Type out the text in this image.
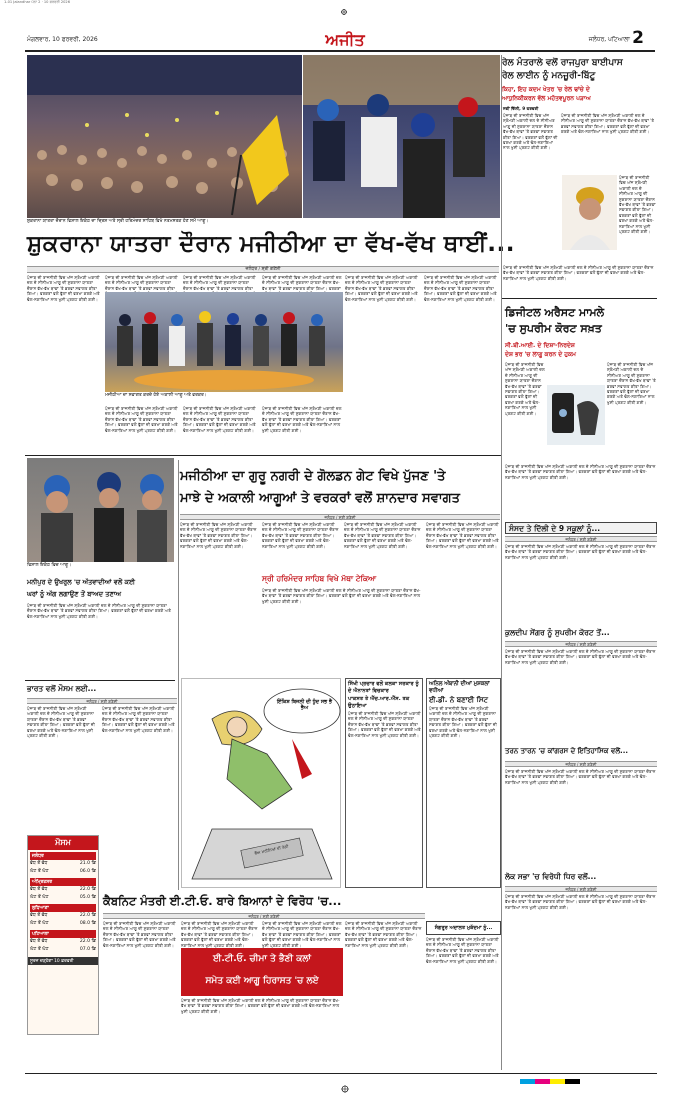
1-01 Jalandhar ਪੰਨਾ 2 · 10 ਫਰਵਰੀ 2026
ਮੰਗਲਵਾਰ, 10 ਫਰਵਰੀ, 2026	ਅਜੀਤ	ਜਲੰਧਰ, ਪਟਿਆਲਾ 2
ਰੇਲ ਮੰਤਰਾਲੇ ਵਲੋਂ ਰਾਜਪੁਰਾ ਬਾਈਪਾਸ
ਰੇਲ ਲਾਈਨ ਨੂੰ ਮਨਜ਼ੂਰੀ-ਬਿੱਟੂ
ਕਿਹਾ, ਇਹ ਕਦਮ ਖੇਤਰ 'ਚ ਰੇਲ ਢਾਂਚੇ ਦੇ
ਆਧੁਨਿਕੀਕਰਨ ਵੱਲ ਮਹੱਤਵਪੂਰਨ ਪੜਾਅ
ਨਵੀਂ ਦਿੱਲੀ, 9 ਫਰਵਰੀ
ਪੰਜਾਬ ਦੀ ਰਾਜਨੀਤੀ ਵਿਚ ਅੱਜ ਸ਼੍ਰੋਮਣੀ ਅਕਾਲੀ ਦਲ ਦੇ ਸੀਨੀਅਰ ਆਗੂ ਦੀ ਸ਼ੁਕਰਾਨਾ ਯਾਤਰਾ ਦੌਰਾਨ ਵੱਖ-ਵੱਖ ਥਾਵਾਂ 'ਤੇ ਭਰਵਾਂ ਸਵਾਗਤ ਕੀਤਾ ਗਿਆ। ਵਰਕਰਾਂ ਵਲੋਂ ਫੁੱਲਾਂ ਦੀ ਵਰਖਾ ਕਰਕੇ ਅਤੇ ਢੋਲ-ਨਗਾਰਿਆਂ ਨਾਲ ਖੁਸ਼ੀ ਪ੍ਰਗਟ ਕੀਤੀ ਗਈ।
ਪੰਜਾਬ ਦੀ ਰਾਜਨੀਤੀ ਵਿਚ ਅੱਜ ਸ਼੍ਰੋਮਣੀ ਅਕਾਲੀ ਦਲ ਦੇ ਸੀਨੀਅਰ ਆਗੂ ਦੀ ਸ਼ੁਕਰਾਨਾ ਯਾਤਰਾ ਦੌਰਾਨ ਵੱਖ-ਵੱਖ ਥਾਵਾਂ 'ਤੇ ਭਰਵਾਂ ਸਵਾਗਤ ਕੀਤਾ ਗਿਆ। ਵਰਕਰਾਂ ਵਲੋਂ ਫੁੱਲਾਂ ਦੀ ਵਰਖਾ ਕਰਕੇ ਅਤੇ ਢੋਲ-ਨਗਾਰਿਆਂ ਨਾਲ ਖੁਸ਼ੀ ਪ੍ਰਗਟ ਕੀਤੀ ਗਈ।
ਪੰਜਾਬ ਦੀ ਰਾਜਨੀਤੀ ਵਿਚ ਅੱਜ ਸ਼੍ਰੋਮਣੀ ਅਕਾਲੀ ਦਲ ਦੇ ਸੀਨੀਅਰ ਆਗੂ ਦੀ ਸ਼ੁਕਰਾਨਾ ਯਾਤਰਾ ਦੌਰਾਨ ਵੱਖ-ਵੱਖ ਥਾਵਾਂ 'ਤੇ ਭਰਵਾਂ ਸਵਾਗਤ ਕੀਤਾ ਗਿਆ। ਵਰਕਰਾਂ ਵਲੋਂ ਫੁੱਲਾਂ ਦੀ ਵਰਖਾ ਕਰਕੇ ਅਤੇ ਢੋਲ-ਨਗਾਰਿਆਂ ਨਾਲ ਖੁਸ਼ੀ ਪ੍ਰਗਟ ਕੀਤੀ ਗਈ।
ਪੰਜਾਬ ਦੀ ਰਾਜਨੀਤੀ ਵਿਚ ਅੱਜ ਸ਼੍ਰੋਮਣੀ ਅਕਾਲੀ ਦਲ ਦੇ ਸੀਨੀਅਰ ਆਗੂ ਦੀ ਸ਼ੁਕਰਾਨਾ ਯਾਤਰਾ ਦੌਰਾਨ ਵੱਖ-ਵੱਖ ਥਾਵਾਂ 'ਤੇ ਭਰਵਾਂ ਸਵਾਗਤ ਕੀਤਾ ਗਿਆ। ਵਰਕਰਾਂ ਵਲੋਂ ਫੁੱਲਾਂ ਦੀ ਵਰਖਾ ਕਰਕੇ ਅਤੇ ਢੋਲ-ਨਗਾਰਿਆਂ ਨਾਲ ਖੁਸ਼ੀ ਪ੍ਰਗਟ ਕੀਤੀ ਗਈ।
ਸ਼ੁਕਰਾਨਾ ਯਾਤਰਾ ਦੌਰਾਨ ਵਿਸ਼ਾਲ ਇਕੱਠ ਦਾ ਦ੍ਰਿਸ਼ ਅਤੇ ਸ੍ਰੀ ਹਰਿਮੰਦਰ ਸਾਹਿਬ ਵਿਖੇ ਨਤਮਸਤਕ ਹੋਣ ਸਮੇਂ ਆਗੂ।
ਸ਼ੁਕਰਾਨਾ ਯਾਤਰਾ ਦੌਰਾਨ ਮਜੀਠੀਆ ਦਾ ਵੱਖ-ਵੱਖ ਥਾਈਂ...
ਜਲੰਧਰ / ਸ਼੍ਰੀ ਗਣੇਸ਼ੀ
ਪੰਜਾਬ ਦੀ ਰਾਜਨੀਤੀ ਵਿਚ ਅੱਜ ਸ਼੍ਰੋਮਣੀ ਅਕਾਲੀ ਦਲ ਦੇ ਸੀਨੀਅਰ ਆਗੂ ਦੀ ਸ਼ੁਕਰਾਨਾ ਯਾਤਰਾ ਦੌਰਾਨ ਵੱਖ-ਵੱਖ ਥਾਵਾਂ 'ਤੇ ਭਰਵਾਂ ਸਵਾਗਤ ਕੀਤਾ ਗਿਆ। ਵਰਕਰਾਂ ਵਲੋਂ ਫੁੱਲਾਂ ਦੀ ਵਰਖਾ ਕਰਕੇ ਅਤੇ ਢੋਲ-ਨਗਾਰਿਆਂ ਨਾਲ ਖੁਸ਼ੀ ਪ੍ਰਗਟ ਕੀਤੀ ਗਈ।
ਪੰਜਾਬ ਦੀ ਰਾਜਨੀਤੀ ਵਿਚ ਅੱਜ ਸ਼੍ਰੋਮਣੀ ਅਕਾਲੀ ਦਲ ਦੇ ਸੀਨੀਅਰ ਆਗੂ ਦੀ ਸ਼ੁਕਰਾਨਾ ਯਾਤਰਾ ਦੌਰਾਨ ਵੱਖ-ਵੱਖ ਥਾਵਾਂ 'ਤੇ ਭਰਵਾਂ ਸਵਾਗਤ ਕੀਤਾ
ਪੰਜਾਬ ਦੀ ਰਾਜਨੀਤੀ ਵਿਚ ਅੱਜ ਸ਼੍ਰੋਮਣੀ ਅਕਾਲੀ ਦਲ ਦੇ ਸੀਨੀਅਰ ਆਗੂ ਦੀ ਸ਼ੁਕਰਾਨਾ ਯਾਤਰਾ ਦੌਰਾਨ ਵੱਖ-ਵੱਖ ਥਾਵਾਂ 'ਤੇ ਭਰਵਾਂ ਸਵਾਗਤ ਕੀਤਾ
ਪੰਜਾਬ ਦੀ ਰਾਜਨੀਤੀ ਵਿਚ ਅੱਜ ਸ਼੍ਰੋਮਣੀ ਅਕਾਲੀ ਦਲ ਦੇ ਸੀਨੀਅਰ ਆਗੂ ਦੀ ਸ਼ੁਕਰਾਨਾ ਯਾਤਰਾ ਦੌਰਾਨ ਵੱਖ-ਵੱਖ ਥਾਵਾਂ 'ਤੇ ਭਰਵਾਂ ਸਵਾਗਤ ਕੀਤਾ ਗਿਆ। ਵਰਕਰਾਂ
ਪੰਜਾਬ ਦੀ ਰਾਜਨੀਤੀ ਵਿਚ ਅੱਜ ਸ਼੍ਰੋਮਣੀ ਅਕਾਲੀ ਦਲ ਦੇ ਸੀਨੀਅਰ ਆਗੂ ਦੀ ਸ਼ੁਕਰਾਨਾ ਯਾਤਰਾ ਦੌਰਾਨ ਵੱਖ-ਵੱਖ ਥਾਵਾਂ 'ਤੇ ਭਰਵਾਂ ਸਵਾਗਤ ਕੀਤਾ ਗਿਆ। ਵਰਕਰਾਂ ਵਲੋਂ ਫੁੱਲਾਂ ਦੀ ਵਰਖਾ ਕਰਕੇ ਅਤੇ ਢੋਲ-ਨਗਾਰਿਆਂ ਨਾਲ ਖੁਸ਼ੀ ਪ੍ਰਗਟ ਕੀਤੀ ਗਈ।
ਪੰਜਾਬ ਦੀ ਰਾਜਨੀਤੀ ਵਿਚ ਅੱਜ ਸ਼੍ਰੋਮਣੀ ਅਕਾਲੀ ਦਲ ਦੇ ਸੀਨੀਅਰ ਆਗੂ ਦੀ ਸ਼ੁਕਰਾਨਾ ਯਾਤਰਾ ਦੌਰਾਨ ਵੱਖ-ਵੱਖ ਥਾਵਾਂ 'ਤੇ ਭਰਵਾਂ ਸਵਾਗਤ ਕੀਤਾ ਗਿਆ। ਵਰਕਰਾਂ ਵਲੋਂ ਫੁੱਲਾਂ ਦੀ ਵਰਖਾ ਕਰਕੇ ਅਤੇ ਢੋਲ-ਨਗਾਰਿਆਂ ਨਾਲ ਖੁਸ਼ੀ ਪ੍ਰਗਟ ਕੀਤੀ ਗਈ।
ਮਜੀਠੀਆ ਦਾ ਸਵਾਗਤ ਕਰਦੇ ਹੋਏ ਅਕਾਲੀ ਆਗੂ ਅਤੇ ਵਰਕਰ।
ਪੰਜਾਬ ਦੀ ਰਾਜਨੀਤੀ ਵਿਚ ਅੱਜ ਸ਼੍ਰੋਮਣੀ ਅਕਾਲੀ ਦਲ ਦੇ ਸੀਨੀਅਰ ਆਗੂ ਦੀ ਸ਼ੁਕਰਾਨਾ ਯਾਤਰਾ ਦੌਰਾਨ ਵੱਖ-ਵੱਖ ਥਾਵਾਂ 'ਤੇ ਭਰਵਾਂ ਸਵਾਗਤ ਕੀਤਾ ਗਿਆ। ਵਰਕਰਾਂ ਵਲੋਂ ਫੁੱਲਾਂ ਦੀ ਵਰਖਾ ਕਰਕੇ ਅਤੇ ਢੋਲ-ਨਗਾਰਿਆਂ ਨਾਲ ਖੁਸ਼ੀ ਪ੍ਰਗਟ ਕੀਤੀ ਗਈ।
ਪੰਜਾਬ ਦੀ ਰਾਜਨੀਤੀ ਵਿਚ ਅੱਜ ਸ਼੍ਰੋਮਣੀ ਅਕਾਲੀ ਦਲ ਦੇ ਸੀਨੀਅਰ ਆਗੂ ਦੀ ਸ਼ੁਕਰਾਨਾ ਯਾਤਰਾ ਦੌਰਾਨ ਵੱਖ-ਵੱਖ ਥਾਵਾਂ 'ਤੇ ਭਰਵਾਂ ਸਵਾਗਤ ਕੀਤਾ ਗਿਆ। ਵਰਕਰਾਂ ਵਲੋਂ ਫੁੱਲਾਂ ਦੀ ਵਰਖਾ ਕਰਕੇ ਅਤੇ ਢੋਲ-ਨਗਾਰਿਆਂ ਨਾਲ ਖੁਸ਼ੀ ਪ੍ਰਗਟ ਕੀਤੀ ਗਈ।
ਪੰਜਾਬ ਦੀ ਰਾਜਨੀਤੀ ਵਿਚ ਅੱਜ ਸ਼੍ਰੋਮਣੀ ਅਕਾਲੀ ਦਲ ਦੇ ਸੀਨੀਅਰ ਆਗੂ ਦੀ ਸ਼ੁਕਰਾਨਾ ਯਾਤਰਾ ਦੌਰਾਨ ਵੱਖ-ਵੱਖ ਥਾਵਾਂ 'ਤੇ ਭਰਵਾਂ ਸਵਾਗਤ ਕੀਤਾ ਗਿਆ। ਵਰਕਰਾਂ ਵਲੋਂ ਫੁੱਲਾਂ ਦੀ ਵਰਖਾ ਕਰਕੇ ਅਤੇ ਢੋਲ-ਨਗਾਰਿਆਂ ਨਾਲ ਖੁਸ਼ੀ ਪ੍ਰਗਟ ਕੀਤੀ ਗਈ।
ਵਿਸ਼ਾਲ ਇਕੱਠ ਵਿਚ ਆਗੂ।
ਮਜੀਠੀਆ ਦਾ ਗੁਰੂ ਨਗਰੀ ਦੇ ਗੋਲਡਨ ਗੇਟ ਵਿਖੇ ਪੁੱਜਣ 'ਤੇ
ਮਾਝੇ ਦੇ ਅਕਾਲੀ ਆਗੂਆਂ ਤੇ ਵਰਕਰਾਂ ਵਲੋਂ ਸ਼ਾਨਦਾਰ ਸਵਾਗਤ
ਜਲੰਧਰ / ਸ਼੍ਰੀ ਗਣੇਸ਼ੀ
ਪੰਜਾਬ ਦੀ ਰਾਜਨੀਤੀ ਵਿਚ ਅੱਜ ਸ਼੍ਰੋਮਣੀ ਅਕਾਲੀ ਦਲ ਦੇ ਸੀਨੀਅਰ ਆਗੂ ਦੀ ਸ਼ੁਕਰਾਨਾ ਯਾਤਰਾ ਦੌਰਾਨ ਵੱਖ-ਵੱਖ ਥਾਵਾਂ 'ਤੇ ਭਰਵਾਂ ਸਵਾਗਤ ਕੀਤਾ ਗਿਆ। ਵਰਕਰਾਂ ਵਲੋਂ ਫੁੱਲਾਂ ਦੀ ਵਰਖਾ ਕਰਕੇ ਅਤੇ ਢੋਲ-ਨਗਾਰਿਆਂ ਨਾਲ ਖੁਸ਼ੀ ਪ੍ਰਗਟ ਕੀਤੀ ਗਈ।
ਪੰਜਾਬ ਦੀ ਰਾਜਨੀਤੀ ਵਿਚ ਅੱਜ ਸ਼੍ਰੋਮਣੀ ਅਕਾਲੀ ਦਲ ਦੇ ਸੀਨੀਅਰ ਆਗੂ ਦੀ ਸ਼ੁਕਰਾਨਾ ਯਾਤਰਾ ਦੌਰਾਨ ਵੱਖ-ਵੱਖ ਥਾਵਾਂ 'ਤੇ ਭਰਵਾਂ ਸਵਾਗਤ ਕੀਤਾ ਗਿਆ। ਵਰਕਰਾਂ ਵਲੋਂ ਫੁੱਲਾਂ ਦੀ ਵਰਖਾ ਕਰਕੇ ਅਤੇ ਢੋਲ-ਨਗਾਰਿਆਂ ਨਾਲ ਖੁਸ਼ੀ ਪ੍ਰਗਟ ਕੀਤੀ ਗਈ।
ਪੰਜਾਬ ਦੀ ਰਾਜਨੀਤੀ ਵਿਚ ਅੱਜ ਸ਼੍ਰੋਮਣੀ ਅਕਾਲੀ ਦਲ ਦੇ ਸੀਨੀਅਰ ਆਗੂ ਦੀ ਸ਼ੁਕਰਾਨਾ ਯਾਤਰਾ ਦੌਰਾਨ ਵੱਖ-ਵੱਖ ਥਾਵਾਂ 'ਤੇ ਭਰਵਾਂ ਸਵਾਗਤ ਕੀਤਾ ਗਿਆ। ਵਰਕਰਾਂ ਵਲੋਂ ਫੁੱਲਾਂ ਦੀ ਵਰਖਾ ਕਰਕੇ ਅਤੇ ਢੋਲ-ਨਗਾਰਿਆਂ ਨਾਲ ਖੁਸ਼ੀ ਪ੍ਰਗਟ ਕੀਤੀ ਗਈ।
ਪੰਜਾਬ ਦੀ ਰਾਜਨੀਤੀ ਵਿਚ ਅੱਜ ਸ਼੍ਰੋਮਣੀ ਅਕਾਲੀ ਦਲ ਦੇ ਸੀਨੀਅਰ ਆਗੂ ਦੀ ਸ਼ੁਕਰਾਨਾ ਯਾਤਰਾ ਦੌਰਾਨ ਵੱਖ-ਵੱਖ ਥਾਵਾਂ 'ਤੇ ਭਰਵਾਂ ਸਵਾਗਤ ਕੀਤਾ ਗਿਆ। ਵਰਕਰਾਂ ਵਲੋਂ ਫੁੱਲਾਂ ਦੀ ਵਰਖਾ ਕਰਕੇ ਅਤੇ ਢੋਲ-ਨਗਾਰਿਆਂ ਨਾਲ ਖੁਸ਼ੀ ਪ੍ਰਗਟ ਕੀਤੀ ਗਈ।
ਸ੍ਰੀ ਹਰਿਮੰਦਰ ਸਾਹਿਬ ਵਿਖੇ ਮੱਥਾ ਟੇਕਿਆ
ਪੰਜਾਬ ਦੀ ਰਾਜਨੀਤੀ ਵਿਚ ਅੱਜ ਸ਼੍ਰੋਮਣੀ ਅਕਾਲੀ ਦਲ ਦੇ ਸੀਨੀਅਰ ਆਗੂ ਦੀ ਸ਼ੁਕਰਾਨਾ ਯਾਤਰਾ ਦੌਰਾਨ ਵੱਖ-ਵੱਖ ਥਾਵਾਂ 'ਤੇ ਭਰਵਾਂ ਸਵਾਗਤ ਕੀਤਾ ਗਿਆ। ਵਰਕਰਾਂ ਵਲੋਂ ਫੁੱਲਾਂ ਦੀ ਵਰਖਾ ਕਰਕੇ ਅਤੇ ਢੋਲ-ਨਗਾਰਿਆਂ ਨਾਲ ਖੁਸ਼ੀ ਪ੍ਰਗਟ ਕੀਤੀ ਗਈ।
ਮਨੀਪੁਰ ਦੇ ਉਖਰੁਲ 'ਚ ਅੱਤਵਾਦੀਆਂ ਵਲੋਂ ਕਈ
ਘਰਾਂ ਨੂੰ ਅੱਗ ਲਗਾਉਣ ਤੋਂ ਬਾਅਦ ਤਣਾਅ
ਪੰਜਾਬ ਦੀ ਰਾਜਨੀਤੀ ਵਿਚ ਅੱਜ ਸ਼੍ਰੋਮਣੀ ਅਕਾਲੀ ਦਲ ਦੇ ਸੀਨੀਅਰ ਆਗੂ ਦੀ ਸ਼ੁਕਰਾਨਾ ਯਾਤਰਾ ਦੌਰਾਨ ਵੱਖ-ਵੱਖ ਥਾਵਾਂ 'ਤੇ ਭਰਵਾਂ ਸਵਾਗਤ ਕੀਤਾ ਗਿਆ। ਵਰਕਰਾਂ ਵਲੋਂ ਫੁੱਲਾਂ ਦੀ ਵਰਖਾ ਕਰਕੇ ਅਤੇ ਢੋਲ-ਨਗਾਰਿਆਂ ਨਾਲ ਖੁਸ਼ੀ ਪ੍ਰਗਟ ਕੀਤੀ ਗਈ।
ਭਾਰਤ ਵਲੋਂ ਮੌਸਮ ਲਈ...
ਜਲੰਧਰ / ਸ਼੍ਰੀ ਗਣੇਸ਼ੀ
ਪੰਜਾਬ ਦੀ ਰਾਜਨੀਤੀ ਵਿਚ ਅੱਜ ਸ਼੍ਰੋਮਣੀ ਅਕਾਲੀ ਦਲ ਦੇ ਸੀਨੀਅਰ ਆਗੂ ਦੀ ਸ਼ੁਕਰਾਨਾ ਯਾਤਰਾ ਦੌਰਾਨ ਵੱਖ-ਵੱਖ ਥਾਵਾਂ 'ਤੇ ਭਰਵਾਂ ਸਵਾਗਤ ਕੀਤਾ ਗਿਆ। ਵਰਕਰਾਂ ਵਲੋਂ ਫੁੱਲਾਂ ਦੀ ਵਰਖਾ ਕਰਕੇ ਅਤੇ ਢੋਲ-ਨਗਾਰਿਆਂ ਨਾਲ ਖੁਸ਼ੀ ਪ੍ਰਗਟ ਕੀਤੀ ਗਈ।
ਪੰਜਾਬ ਦੀ ਰਾਜਨੀਤੀ ਵਿਚ ਅੱਜ ਸ਼੍ਰੋਮਣੀ ਅਕਾਲੀ ਦਲ ਦੇ ਸੀਨੀਅਰ ਆਗੂ ਦੀ ਸ਼ੁਕਰਾਨਾ ਯਾਤਰਾ ਦੌਰਾਨ ਵੱਖ-ਵੱਖ ਥਾਵਾਂ 'ਤੇ ਭਰਵਾਂ ਸਵਾਗਤ ਕੀਤਾ ਗਿਆ। ਵਰਕਰਾਂ ਵਲੋਂ ਫੁੱਲਾਂ ਦੀ ਵਰਖਾ ਕਰਕੇ ਅਤੇ ਢੋਲ-ਨਗਾਰਿਆਂ ਨਾਲ ਖੁਸ਼ੀ ਪ੍ਰਗਟ ਕੀਤੀ ਗਈ।
ਮੌਸਮ
ਜਲੰਧਰ
ਵੱਧ ਤੋਂ ਵੱਧ	21.0 ਡਿ
ਘੱਟ ਤੋਂ ਘੱਟ	06.0 ਡਿ
ਅੰਮ੍ਰਿਤਸਰ
ਵੱਧ ਤੋਂ ਵੱਧ	22.0 ਡਿ
ਘੱਟ ਤੋਂ ਘੱਟ	05.0 ਡਿ
ਲੁਧਿਆਣਾ
ਵੱਧ ਤੋਂ ਵੱਧ	22.0 ਡਿ
ਘੱਟ ਤੋਂ ਘੱਟ	08.0 ਡਿ
ਪਟਿਆਲਾ
ਵੱਧ ਤੋਂ ਵੱਧ	22.0 ਡਿ
ਘੱਟ ਤੋਂ ਘੱਟ	07.0 ਡਿ
ਸੂਰਜ ਚੜ੍ਹੇਗਾ 10 ਫ਼ਰਵਰੀ
ਇੱਕਿਸ਼ ਬਿਜਲੀ ਦੀ ਧੂੰਦ ਸਭ ਭੈ ਭੈਅ
ਭੈਅ ਮਹੀਨਿਆਂ ਦੀ ਤੰਗੀ
ਸਿੱਖੀ ਪ੍ਰਚਾਰ ਵਲੋਂ ਕਲਕਾ ਸਰਕਾਰ ਨੂੰ ਦੇ ਐਨਾਨਤਾਂ ਵਿਚਕਾਰ
ਪਾਕਸਤ ਤੇ ਐੱਚ.ਆਰ.ਐੱਸ. ਤਕ ਉਠਾਇਆ
ਪੰਜਾਬ ਦੀ ਰਾਜਨੀਤੀ ਵਿਚ ਅੱਜ ਸ਼੍ਰੋਮਣੀ ਅਕਾਲੀ ਦਲ ਦੇ ਸੀਨੀਅਰ ਆਗੂ ਦੀ ਸ਼ੁਕਰਾਨਾ ਯਾਤਰਾ ਦੌਰਾਨ ਵੱਖ-ਵੱਖ ਥਾਵਾਂ 'ਤੇ ਭਰਵਾਂ ਸਵਾਗਤ ਕੀਤਾ ਗਿਆ। ਵਰਕਰਾਂ ਵਲੋਂ ਫੁੱਲਾਂ ਦੀ ਵਰਖਾ ਕਰਕੇ ਅਤੇ ਢੋਲ-ਨਗਾਰਿਆਂ ਨਾਲ ਖੁਸ਼ੀ ਪ੍ਰਗਟ ਕੀਤੀ ਗਈ।
ਅਨਿਲ ਅੰਬਾਨੀ ਦੀਆਂ ਮੁਸ਼ਕਲਾਂ ਵਧੀਆਂ
ਈ.ਡੀ. ਨੇ ਬਣਾਈ ਸਿਟ
ਪੰਜਾਬ ਦੀ ਰਾਜਨੀਤੀ ਵਿਚ ਅੱਜ ਸ਼੍ਰੋਮਣੀ ਅਕਾਲੀ ਦਲ ਦੇ ਸੀਨੀਅਰ ਆਗੂ ਦੀ ਸ਼ੁਕਰਾਨਾ ਯਾਤਰਾ ਦੌਰਾਨ ਵੱਖ-ਵੱਖ ਥਾਵਾਂ 'ਤੇ ਭਰਵਾਂ ਸਵਾਗਤ ਕੀਤਾ ਗਿਆ। ਵਰਕਰਾਂ ਵਲੋਂ ਫੁੱਲਾਂ ਦੀ ਵਰਖਾ ਕਰਕੇ ਅਤੇ ਢੋਲ-ਨਗਾਰਿਆਂ ਨਾਲ ਖੁਸ਼ੀ ਪ੍ਰਗਟ ਕੀਤੀ ਗਈ।
ਕੈਬਨਿਟ ਮੰਤਰੀ ਈ.ਟੀ.ਓ. ਬਾਰੇ ਬਿਆਨਾਂ ਦੇ ਵਿਰੋਧ 'ਚ...
ਜਲੰਧਰ / ਸ਼੍ਰੀ ਗਣੇਸ਼ੀ
ਪੰਜਾਬ ਦੀ ਰਾਜਨੀਤੀ ਵਿਚ ਅੱਜ ਸ਼੍ਰੋਮਣੀ ਅਕਾਲੀ ਦਲ ਦੇ ਸੀਨੀਅਰ ਆਗੂ ਦੀ ਸ਼ੁਕਰਾਨਾ ਯਾਤਰਾ ਦੌਰਾਨ ਵੱਖ-ਵੱਖ ਥਾਵਾਂ 'ਤੇ ਭਰਵਾਂ ਸਵਾਗਤ ਕੀਤਾ ਗਿਆ। ਵਰਕਰਾਂ ਵਲੋਂ ਫੁੱਲਾਂ ਦੀ ਵਰਖਾ ਕਰਕੇ ਅਤੇ ਢੋਲ-ਨਗਾਰਿਆਂ ਨਾਲ ਖੁਸ਼ੀ ਪ੍ਰਗਟ ਕੀਤੀ ਗਈ।
ਪੰਜਾਬ ਦੀ ਰਾਜਨੀਤੀ ਵਿਚ ਅੱਜ ਸ਼੍ਰੋਮਣੀ ਅਕਾਲੀ ਦਲ ਦੇ ਸੀਨੀਅਰ ਆਗੂ ਦੀ ਸ਼ੁਕਰਾਨਾ ਯਾਤਰਾ ਦੌਰਾਨ ਵੱਖ-ਵੱਖ ਥਾਵਾਂ 'ਤੇ ਭਰਵਾਂ ਸਵਾਗਤ ਕੀਤਾ ਗਿਆ। ਵਰਕਰਾਂ ਵਲੋਂ ਫੁੱਲਾਂ ਦੀ ਵਰਖਾ ਕਰਕੇ ਅਤੇ ਢੋਲ-ਨਗਾਰਿਆਂ ਨਾਲ ਖੁਸ਼ੀ ਪ੍ਰਗਟ ਕੀਤੀ ਗਈ।
ਈ.ਟੀ.ਓ. ਚੀਮਾ ਤੇ ਭੈਣੀ ਕਲਾਂ
ਸਮੇਤ ਕਈ ਆਗੂ ਹਿਰਾਸਤ 'ਚ ਲਏ
ਪੰਜਾਬ ਦੀ ਰਾਜਨੀਤੀ ਵਿਚ ਅੱਜ ਸ਼੍ਰੋਮਣੀ ਅਕਾਲੀ ਦਲ ਦੇ ਸੀਨੀਅਰ ਆਗੂ ਦੀ ਸ਼ੁਕਰਾਨਾ ਯਾਤਰਾ ਦੌਰਾਨ ਵੱਖ-ਵੱਖ ਥਾਵਾਂ 'ਤੇ ਭਰਵਾਂ ਸਵਾਗਤ ਕੀਤਾ ਗਿਆ। ਵਰਕਰਾਂ ਵਲੋਂ ਫੁੱਲਾਂ ਦੀ ਵਰਖਾ ਕਰਕੇ ਅਤੇ ਢੋਲ-ਨਗਾਰਿਆਂ ਨਾਲ ਖੁਸ਼ੀ ਪ੍ਰਗਟ ਕੀਤੀ ਗਈ।
ਪੰਜਾਬ ਦੀ ਰਾਜਨੀਤੀ ਵਿਚ ਅੱਜ ਸ਼੍ਰੋਮਣੀ ਅਕਾਲੀ ਦਲ ਦੇ ਸੀਨੀਅਰ ਆਗੂ ਦੀ ਸ਼ੁਕਰਾਨਾ ਯਾਤਰਾ ਦੌਰਾਨ ਵੱਖ-ਵੱਖ ਥਾਵਾਂ 'ਤੇ ਭਰਵਾਂ ਸਵਾਗਤ ਕੀਤਾ ਗਿਆ। ਵਰਕਰਾਂ ਵਲੋਂ ਫੁੱਲਾਂ ਦੀ ਵਰਖਾ ਕਰਕੇ ਅਤੇ ਢੋਲ-ਨਗਾਰਿਆਂ ਨਾਲ ਖੁਸ਼ੀ ਪ੍ਰਗਟ ਕੀਤੀ ਗਈ।
ਪੰਜਾਬ ਦੀ ਰਾਜਨੀਤੀ ਵਿਚ ਅੱਜ ਸ਼੍ਰੋਮਣੀ ਅਕਾਲੀ ਦਲ ਦੇ ਸੀਨੀਅਰ ਆਗੂ ਦੀ ਸ਼ੁਕਰਾਨਾ ਯਾਤਰਾ ਦੌਰਾਨ ਵੱਖ-ਵੱਖ ਥਾਵਾਂ 'ਤੇ ਭਰਵਾਂ ਸਵਾਗਤ ਕੀਤਾ ਗਿਆ। ਵਰਕਰਾਂ ਵਲੋਂ ਫੁੱਲਾਂ ਦੀ ਵਰਖਾ ਕਰਕੇ ਅਤੇ ਢੋਲ-ਨਗਾਰਿਆਂ ਨਾਲ ਖੁਸ਼ੀ ਪ੍ਰਗਟ ਕੀਤੀ ਗਈ।
ਸੰਗਰੂਰ ਅਦਾਲਤ ਮੁਕੱਦਮਾ ਨੂੰ...
ਪੰਜਾਬ ਦੀ ਰਾਜਨੀਤੀ ਵਿਚ ਅੱਜ ਸ਼੍ਰੋਮਣੀ ਅਕਾਲੀ ਦਲ ਦੇ ਸੀਨੀਅਰ ਆਗੂ ਦੀ ਸ਼ੁਕਰਾਨਾ ਯਾਤਰਾ ਦੌਰਾਨ ਵੱਖ-ਵੱਖ ਥਾਵਾਂ 'ਤੇ ਭਰਵਾਂ ਸਵਾਗਤ ਕੀਤਾ ਗਿਆ। ਵਰਕਰਾਂ ਵਲੋਂ ਫੁੱਲਾਂ ਦੀ ਵਰਖਾ ਕਰਕੇ ਅਤੇ ਢੋਲ-ਨਗਾਰਿਆਂ ਨਾਲ ਖੁਸ਼ੀ ਪ੍ਰਗਟ ਕੀਤੀ ਗਈ।
ਡਿਜੀਟਲ ਅਰੈਸਟ ਮਾਮਲੇ
'ਚ ਸੁਪਰੀਮ ਕੋਰਟ ਸਖ਼ਤ
ਸੀ.ਬੀ.ਆਈ. ਦੇ ਦਿਸ਼ਾ-ਨਿਰਦੇਸ਼
ਦੇਸ਼ ਭਰ 'ਚ ਲਾਗੂ ਕਰਨ ਦੇ ਹੁਕਮ
ਪੰਜਾਬ ਦੀ ਰਾਜਨੀਤੀ ਵਿਚ ਅੱਜ ਸ਼੍ਰੋਮਣੀ ਅਕਾਲੀ ਦਲ ਦੇ ਸੀਨੀਅਰ ਆਗੂ ਦੀ ਸ਼ੁਕਰਾਨਾ ਯਾਤਰਾ ਦੌਰਾਨ ਵੱਖ-ਵੱਖ ਥਾਵਾਂ 'ਤੇ ਭਰਵਾਂ ਸਵਾਗਤ ਕੀਤਾ ਗਿਆ। ਵਰਕਰਾਂ ਵਲੋਂ ਫੁੱਲਾਂ ਦੀ ਵਰਖਾ ਕਰਕੇ ਅਤੇ ਢੋਲ-ਨਗਾਰਿਆਂ ਨਾਲ ਖੁਸ਼ੀ ਪ੍ਰਗਟ ਕੀਤੀ ਗਈ।
ਪੰਜਾਬ ਦੀ ਰਾਜਨੀਤੀ ਵਿਚ ਅੱਜ ਸ਼੍ਰੋਮਣੀ ਅਕਾਲੀ ਦਲ ਦੇ ਸੀਨੀਅਰ ਆਗੂ ਦੀ ਸ਼ੁਕਰਾਨਾ ਯਾਤਰਾ ਦੌਰਾਨ ਵੱਖ-ਵੱਖ ਥਾਵਾਂ 'ਤੇ ਭਰਵਾਂ ਸਵਾਗਤ ਕੀਤਾ ਗਿਆ। ਵਰਕਰਾਂ ਵਲੋਂ ਫੁੱਲਾਂ ਦੀ ਵਰਖਾ ਕਰਕੇ ਅਤੇ ਢੋਲ-ਨਗਾਰਿਆਂ ਨਾਲ ਖੁਸ਼ੀ ਪ੍ਰਗਟ ਕੀਤੀ ਗਈ।
ਪੰਜਾਬ ਦੀ ਰਾਜਨੀਤੀ ਵਿਚ ਅੱਜ ਸ਼੍ਰੋਮਣੀ ਅਕਾਲੀ ਦਲ ਦੇ ਸੀਨੀਅਰ ਆਗੂ ਦੀ ਸ਼ੁਕਰਾਨਾ ਯਾਤਰਾ ਦੌਰਾਨ ਵੱਖ-ਵੱਖ ਥਾਵਾਂ 'ਤੇ ਭਰਵਾਂ ਸਵਾਗਤ ਕੀਤਾ ਗਿਆ। ਵਰਕਰਾਂ ਵਲੋਂ ਫੁੱਲਾਂ ਦੀ ਵਰਖਾ ਕਰਕੇ ਅਤੇ ਢੋਲ-ਨਗਾਰਿਆਂ ਨਾਲ ਖੁਸ਼ੀ ਪ੍ਰਗਟ ਕੀਤੀ ਗਈ।
ਸੰਸਦ ਤੇ ਦਿੱਲੀ ਦੇ 9 ਸਕੂਲਾਂ ਨੂੰ...
ਜਲੰਧਰ / ਸ਼੍ਰੀ ਗਣੇਸ਼ੀ
ਪੰਜਾਬ ਦੀ ਰਾਜਨੀਤੀ ਵਿਚ ਅੱਜ ਸ਼੍ਰੋਮਣੀ ਅਕਾਲੀ ਦਲ ਦੇ ਸੀਨੀਅਰ ਆਗੂ ਦੀ ਸ਼ੁਕਰਾਨਾ ਯਾਤਰਾ ਦੌਰਾਨ ਵੱਖ-ਵੱਖ ਥਾਵਾਂ 'ਤੇ ਭਰਵਾਂ ਸਵਾਗਤ ਕੀਤਾ ਗਿਆ। ਵਰਕਰਾਂ ਵਲੋਂ ਫੁੱਲਾਂ ਦੀ ਵਰਖਾ ਕਰਕੇ ਅਤੇ ਢੋਲ-ਨਗਾਰਿਆਂ ਨਾਲ ਖੁਸ਼ੀ ਪ੍ਰਗਟ ਕੀਤੀ ਗਈ।
ਕੁਲਦੀਪ ਸੇਂਗਰ ਨੂੰ ਸੁਪਰੀਮ ਕੋਰਟ ਤੋਂ...
ਜਲੰਧਰ / ਸ਼੍ਰੀ ਗਣੇਸ਼ੀ
ਪੰਜਾਬ ਦੀ ਰਾਜਨੀਤੀ ਵਿਚ ਅੱਜ ਸ਼੍ਰੋਮਣੀ ਅਕਾਲੀ ਦਲ ਦੇ ਸੀਨੀਅਰ ਆਗੂ ਦੀ ਸ਼ੁਕਰਾਨਾ ਯਾਤਰਾ ਦੌਰਾਨ ਵੱਖ-ਵੱਖ ਥਾਵਾਂ 'ਤੇ ਭਰਵਾਂ ਸਵਾਗਤ ਕੀਤਾ ਗਿਆ। ਵਰਕਰਾਂ ਵਲੋਂ ਫੁੱਲਾਂ ਦੀ ਵਰਖਾ ਕਰਕੇ ਅਤੇ ਢੋਲ-ਨਗਾਰਿਆਂ ਨਾਲ ਖੁਸ਼ੀ ਪ੍ਰਗਟ ਕੀਤੀ ਗਈ।
ਤਰਨ ਤਾਰਨ 'ਚ ਕਾਂਗਰਸ ਦੇ ਇਤਿਹਾਸਿਕ ਵਲੋਂ...
ਜਲੰਧਰ / ਸ਼੍ਰੀ ਗਣੇਸ਼ੀ
ਪੰਜਾਬ ਦੀ ਰਾਜਨੀਤੀ ਵਿਚ ਅੱਜ ਸ਼੍ਰੋਮਣੀ ਅਕਾਲੀ ਦਲ ਦੇ ਸੀਨੀਅਰ ਆਗੂ ਦੀ ਸ਼ੁਕਰਾਨਾ ਯਾਤਰਾ ਦੌਰਾਨ ਵੱਖ-ਵੱਖ ਥਾਵਾਂ 'ਤੇ ਭਰਵਾਂ ਸਵਾਗਤ ਕੀਤਾ ਗਿਆ। ਵਰਕਰਾਂ ਵਲੋਂ ਫੁੱਲਾਂ ਦੀ ਵਰਖਾ ਕਰਕੇ ਅਤੇ ਢੋਲ-ਨਗਾਰਿਆਂ ਨਾਲ ਖੁਸ਼ੀ ਪ੍ਰਗਟ ਕੀਤੀ ਗਈ।
ਲੋਕ ਸਭਾ 'ਚ ਵਿਰੋਧੀ ਧਿਰ ਵਲੋਂ...
ਜਲੰਧਰ / ਸ਼੍ਰੀ ਗਣੇਸ਼ੀ
ਪੰਜਾਬ ਦੀ ਰਾਜਨੀਤੀ ਵਿਚ ਅੱਜ ਸ਼੍ਰੋਮਣੀ ਅਕਾਲੀ ਦਲ ਦੇ ਸੀਨੀਅਰ ਆਗੂ ਦੀ ਸ਼ੁਕਰਾਨਾ ਯਾਤਰਾ ਦੌਰਾਨ ਵੱਖ-ਵੱਖ ਥਾਵਾਂ 'ਤੇ ਭਰਵਾਂ ਸਵਾਗਤ ਕੀਤਾ ਗਿਆ। ਵਰਕਰਾਂ ਵਲੋਂ ਫੁੱਲਾਂ ਦੀ ਵਰਖਾ ਕਰਕੇ ਅਤੇ ਢੋਲ-ਨਗਾਰਿਆਂ ਨਾਲ ਖੁਸ਼ੀ ਪ੍ਰਗਟ ਕੀਤੀ ਗਈ।
